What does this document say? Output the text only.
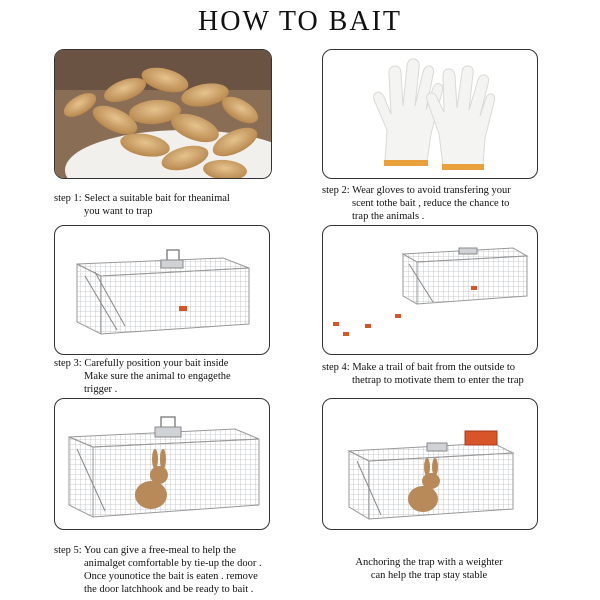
HOW TO BAIT
step 1: Select a suitable bait for theanimal
you want to trap
step 2: Wear gloves to avoid transfering your
scent tothe bait , reduce the chance to
trap the animals .
step 3: Carefully position your bait inside
Make sure the animal to engagethe
trigger .
step 4: Make a trail of bait from the outside to
thetrap to motivate them to enter the trap
step 5: You can give a free-meal to help the
animalget comfortable by tie-up the door .
Once younotice the bait is eaten . remove
the door latchhook and be ready to bait .
Anchoring the trap with a weighter
can help the trap stay stable
